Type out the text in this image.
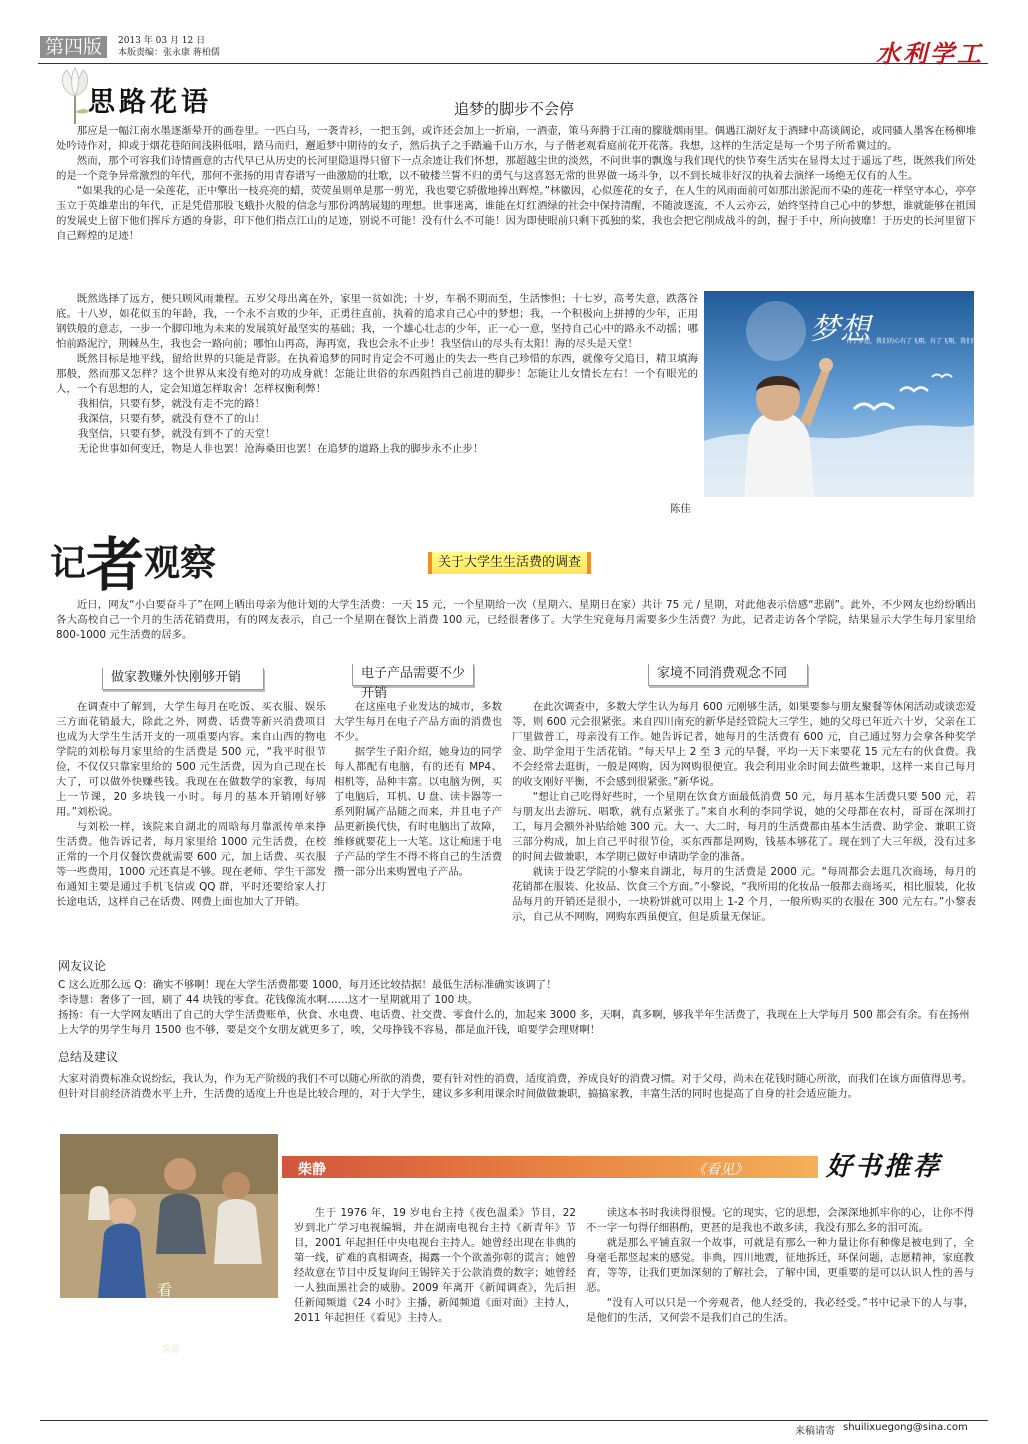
第四版	2013 年 03 月 12 日
本版责编：张永康 蒋柏儒	水利学工
思路花语	追梦的脚步不会停

那应是一幅江南水墨逐渐晕开的画卷里。一匹白马，一袭青衫，一把玉剑，或许还会加上一折扇，一酒壶，策马奔腾于江南的朦胧烟雨里。偶遇江湖好友于酒肆中高谈阔论，或同骚人墨客在杨柳堆处吟诗作对，抑或于烟花巷陌间浅斟低唱，踏马而归，邂逅梦中期待的女子，然后执子之手踏遍千山万水，与子偕老观看庭前花开花落。我想，这样的生活定是每一个男子所希冀过的。

然而，那个可容我们诗情画意的古代早已从历史的长河里隐退得只留下一点余迹让我们怀想，那超越尘世的淡然，不问世事的飘逸与我们现代的快节奏生活实在显得太过于遥远了些，既然我们所处的是一个竞争异常激烈的年代，那何不张扬的用青春谱写一曲激励的壮歌，以不破楼兰誓不归的勇气与这喜怒无常的世界做一场斗争，以不到长城非好汉的执着去演绎一场绝无仅有的人生。

“如果我的心是一朵莲花，正中擎出一枝亮亮的蜡，荧荧虽则单是那一剪光，我也要它骄傲地捧出辉煌。”林徽因，心似莲花的女子，在人生的风雨面前可如那出淤泥而不染的莲花一样坚守本心，亭亭玉立于英雄辈出的年代，正是凭借那股飞蛾扑火般的信念与那份鸿鹄展翅的理想。世事迷离，谁能在灯红酒绿的社会中保持清醒，不随波逐流，不人云亦云，始终坚持自己心中的梦想，谁就能够在祖国的发展史上留下他们挥斥方遒的身影，印下他们指点江山的足迹，别说不可能！没有什么不可能！因为即使眼前只剩下孤独的桨，我也会把它削成战斗的剑，握于手中，所向披靡！于历史的长河里留下自己辉煌的足迹！

既然选择了远方，便只顾风雨兼程。五岁父母出离在外，家里一贫如洗；十岁，车祸不期而至，生活惨怛；十七岁，高考失意，跌落谷底。十八岁，如花似玉的年龄，我，一个永不言败的少年，正勇往直前，执着的追求自己心中的梦想；我，一个积极向上拼搏的少年，正用钢铁般的意志，一步一个脚印地为未来的发展筑好最坚实的基础；我，一个雄心壮志的少年，正一心一意，坚持自己心中的路永不动摇；哪怕前路泥泞，荆棘丛生，我也会一路向前；哪怕山再高，海再宽，我也会永不止步！我坚信山的尽头有太阳！海的尽头是天堂！

既然目标是地平线，留给世界的只能是背影。在执着追梦的同时肯定会不可遏止的失去一些自己珍惜的东西，就像夸父追日，精卫填海那般，然而那又怎样？这个世界从来没有绝对的功成身就！怎能让世俗的东西阻挡自己前进的脚步！怎能让儿女情长左右！一个有眼光的人，一个有思想的人，定会知道怎样取舍！怎样权衡利弊！

我相信，只要有梦，就没有走不完的路！

我深信，只要有梦，就没有登不了的山！

我坚信，只要有梦，就没有到不了的天堂！

无论世事如何变迁，物是人非也罢！沧海桑田也罢！在追梦的道路上我的脚步永不止步！

梦想
有了梦想，我们的心有了飞翔。有了飞翔，我们的梦想不再遥远。
陈佳
记者观察	关于大学生生活费的调查

近日，网友“小白要奋斗了”在网上晒出母亲为他计划的大学生活费：一天 15 元，一个星期给一次（星期六、星期日在家）共计 75 元 / 星期，对此他表示倍感“悲剧”。此外，不少网友也纷纷晒出各大高校自己一个月的生活花销费用，有的网友表示，自己一个星期在餐饮上消费 100 元，已经很奢侈了。大学生究竟每月需要多少生活费？为此，记者走访各个学院，结果显示大学生每月家里给 800-1000 元生活费的居多。

做家教赚外快刚够开销	电子产品需要不少开销
家境不同消费观念不同

在调查中了解到，大学生每月在吃饭、买衣服、娱乐三方面花销最大，除此之外，网费、话费等新兴消费项目也成为大学生生活开支的一项重要内容。来自山西的物电学院的刘松每月家里给的生活费是 500 元，“我平时很节俭，不仅仅只靠家里给的 500 元生活费，因为自己现在长大了，可以做外快赚些钱。我现在在做数学的家教，每周上一节课，20 多块钱一小时。每月的基本开销刚好够用。”刘松说。

与刘松一样，该院来自湖北的周晗每月靠派传单来挣生活费。他告诉记者，每月家里给 1000 元生活费，在校正常的一个月仅餐饮费就需要 600 元，加上话费、买衣服等一些费用，1000 元还真是不够。现在老师、学生干部发布通知主要是通过手机飞信或 QQ 群，平时还要给家人打长途电话，这样自己在话费、网费上面也加大了开销。

在这座电子业发达的城市，多数大学生每月在电子产品方面的消费也不少。

据学生子阳介绍，她身边的同学每人都配有电脑，有的还有 MP4、相机等，品种丰富。以电脑为例，买了电脑后，耳机、U 盘、读卡器等一系列附属产品随之而来，并且电子产品更新换代快，有时电脑出了故障，维修就要花上一大笔。这让痴迷于电子产品的学生不得不将自己的生活费攒一部分出来购置电子产品。

在此次调查中，多数大学生认为每月 600 元刚够生活，如果要参与朋友聚餐等休闲活动或谈恋爱等，则 600 元会很紧张。来自四川南充的新华是经管院大三学生，她的父母已年近六十岁，父亲在工厂里做普工，母亲没有工作。她告诉记者，她每月的生活费有 600 元，自己通过努力会拿各种奖学金、助学金用于生活花销。“每天早上 2 至 3 元的早餐，平均一天下来要花 15 元左右的伙食费。我不会经常去逛街，一般是网购，因为网购很便宜。我会利用业余时间去做些兼职，这样一来自己每月的收支刚好平衡，不会感到很紧张。”新华说。

“想让自己吃得好些时，一个星期在饮食方面最低消费 50 元，每月基本生活费只要 500 元，若与朋友出去游玩、唱歌，就有点紧张了。”来自水利的李同学说，她的父母都在农村，哥哥在深圳打工，每月会额外补贴给她 300 元。大一、大二时，每月的生活费都由基本生活费、助学金、兼职工资三部分构成，加上自己平时很节俭，买东西都是网购，钱基本够花了。现在到了大三年级，没有过多的时间去做兼职，本学期已做好申请助学金的准备。

就读于设艺学院的小黎来自湖北，每月的生活费是 2000 元。“每周都会去逛几次商场，每月的花销都在服装、化妆品、饮食三个方面。”小黎说，“我所用的化妆品一般都去商场买，相比服装，化妆品每月的开销还是很小，一块粉饼就可以用上 1-2 个月，一般所购买的衣服在 300 元左右。”小黎表示，自己从不网购，网购东西虽便宜，但是质量无保证。

网友议论

C 这么近那么远 Q：确实不够啊！现在大学生活费都要 1000，每月还比较拮据！最低生活标准确实该调了！

李诗慧：奢侈了一回，刷了 44 块钱的零食。花钱像流水啊……这才一星期就用了 100 块。

扬扬：有一大学网友晒出了自己的大学生活费账单，伙食、水电费、电话费、社交费、零食什么的，加起来 3000 多，天啊，真多啊，够我半年生活费了，我现在上大学每月 500 都会有余。有在扬州上大学的男学生每月 1500 也不够，要是交个女朋友就更多了，唉，父母挣钱不容易，都是血汗钱，咱要学会理财啊！

总结及建议

大家对消费标准众说纷纭，我认为，作为无产阶级的我们不可以随心所欲的消费，要有针对性的消费，适度消费，养成良好的消费习惯。对于父母，尚未在花钱时随心所欲，而我们在该方面值得思考。但针对目前经济消费水平上升，生活费的适度上升也是比较合理的，对于大学生，建议多多利用课余时间做做兼职，搞搞家教，丰富生活的同时也提高了自身的社会适应能力。

看见
柴静
柴静	《看见》	好书推荐

生于 1976 年，19 岁电台主持《夜色温柔》节目，22 岁到北广学习电视编辑，并在湖南电视台主持《新青年》节目，2001 年起担任中央电视台主持人。她曾经出现在非典的第一线，矿难的真相调查，揭露一个个欲盖弥彰的谎言；她曾经故意在节目中反复询问王锡锌关于公款消费的数字；她曾经一人独面黑社会的威胁。2009 年离开《新闻调查》，先后担任新闻频道《24 小时》主播，新闻频道《面对面》主持人，2011 年起担任《看见》主持人。

读这本书时我读得很慢。它的现实，它的思想，会深深地抓牢你的心，让你不得不一字一句得仔细斟酌，更甚的是我也不敢多读，我没有那么多的泪可流。

就是那么平铺直叙一个故事，可就是有那么一种力量让你有种像是被电到了，全身毫毛都竖起来的感觉。非典，四川地震，征地拆迁，环保问题，志愿精神，家庭教育，等等，让我们更加深刻的了解社会，了解中国，更重要的是可以认识人性的善与恶。

“没有人可以只是一个旁观者，他人经受的，我必经受。”书中记录下的人与事，是他们的生活，又何尝不是我们自己的生活。

来稿请寄 shuilixuegong@sina.com
